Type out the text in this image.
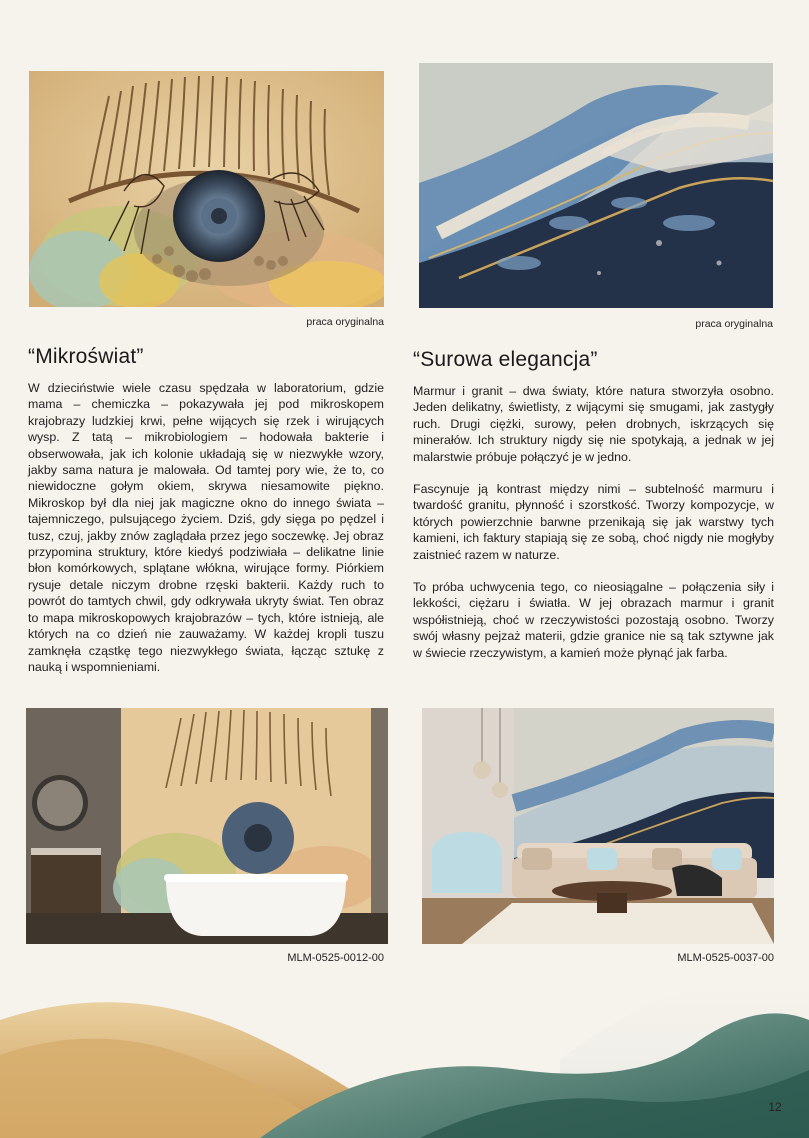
praca oryginalna	praca oryginalna
“Mikroświat”

W dzieciństwie wiele czasu spędzała w laboratorium, gdzie mama – chemiczka – pokazywała jej pod mikroskopem krajobrazy ludzkiej krwi, pełne wijących się rzek i wirujących wysp. Z tatą – mikrobiologiem – hodowała bakterie i obserwowała, jak ich kolonie układają się w niezwykłe wzory, jakby sama natura je malowała. Od tamtej pory wie, że to, co niewidoczne gołym okiem, skrywa niesamowite piękno. Mikroskop był dla niej jak magiczne okno do innego świata – tajemniczego, pulsującego życiem. Dziś, gdy sięga po pędzel i tusz, czuj, jakby znów zaglądała przez jego soczewkę. Jej obraz przypomina struktury, które kiedyś podziwiała – delikatne linie błon komórkowych, splątane włókna, wirujące formy. Piórkiem rysuje detale niczym drobne rzęski bakterii. Każdy ruch to powrót do tamtych chwil, gdy odkrywała ukryty świat. Ten obraz to mapa mikroskopowych krajobrazów – tych, które istnieją, ale których na co dzień nie zauważamy. W każdej kropli tuszu zamknęła cząstkę tego niezwykłego świata, łącząc sztukę z nauką i wspomnieniami.

“Surowa elegancja”

Marmur i granit – dwa światy, które natura stworzyła osobno. Jeden delikatny, świetlisty, z wijącymi się smugami, jak zastygły ruch. Drugi ciężki, surowy, pełen drobnych, iskrzących się minerałów. Ich struktury nigdy się nie spotykają, a jednak w jej malarstwie próbuje połączyć je w jedno.

Fascynuje ją kontrast między nimi – subtelność marmuru i twardość granitu, płynność i szorstkość. Tworzy kompozycje, w których powierzchnie barwne przenikają się jak warstwy tych kamieni, ich faktury stapiają się ze sobą, choć nigdy nie mogłyby zaistnieć razem w naturze.

To próba uchwycenia tego, co nieosiągalne – połączenia siły i lekkości, ciężaru i światła. W jej obrazach marmur i granit współistnieją, choć w rzeczywistości pozostają osobno. Tworzy swój własny pejzaż materii, gdzie granice nie są tak sztywne jak w świecie rzeczywistym, a kamień może płynąć jak farba.

MLM-0525-0012-00	MLM-0525-0037-00
12
